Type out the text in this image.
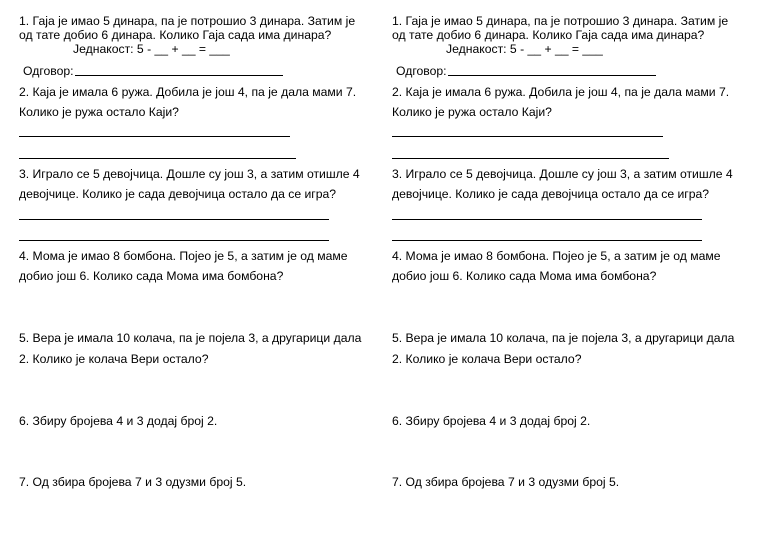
1. Гаја је имао 5 динара, па је потрошио 3 динара. Затим је
од тате добио 6 динара. Колико Гаја сада има динара?
Једнакост: 5 - __ + __ = ___
Одговор:
2. Каја је имала 6 ружа. Добила је још 4, па је дала мами 7.
Колико је ружа остало Каји?
3. Играло се 5 девојчица. Дошле су још 3, а затим отишле 4
девојчице. Колико је сада девојчица остало да се игра?
4. Мома је имао 8 бомбона. Појео је 5, а затим је од маме
добио још 6. Колико сада Мома има бомбона?
5. Вера је имала 10 колача, па је појела 3, а другарици дала
2. Колико је колача Вери остало?
6. Збиру бројева 4 и 3 додај број 2.
7. Од збира бројева 7 и 3 одузми број 5.
1. Гаја је имао 5 динара, па је потрошио 3 динара. Затим је
од тате добио 6 динара. Колико Гаја сада има динара?
Једнакост: 5 - __ + __ = ___
Одговор:
2. Каја је имала 6 ружа. Добила је још 4, па је дала мами 7.
Колико је ружа остало Каји?
3. Играло се 5 девојчица. Дошле су још 3, а затим отишле 4
девојчице. Колико је сада девојчица остало да се игра?
4. Мома је имао 8 бомбона. Појео је 5, а затим је од маме
добио још 6. Колико сада Мома има бомбона?
5. Вера је имала 10 колача, па је појела 3, а другарици дала
2. Колико је колача Вери остало?
6. Збиру бројева 4 и 3 додај број 2.
7. Од збира бројева 7 и 3 одузми број 5.
